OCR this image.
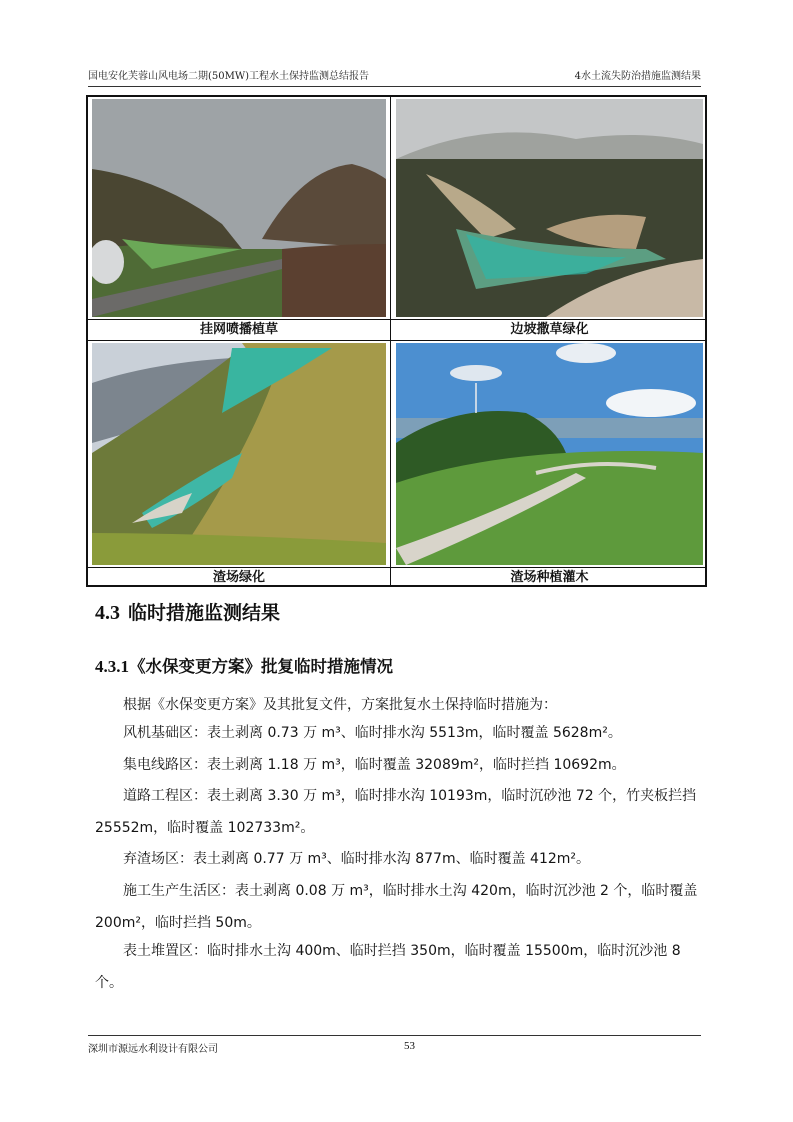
国电安化芙蓉山风电场二期(50MW)工程水土保持监测总结报告	4水土流失防治措施监测结果
挂网喷播植草	边坡撒草绿化
渣场绿化	渣场种植灌木
4.3 临时措施监测结果
4.3.1《水保变更方案》批复临时措施情况

根据《水保变更方案》及其批复文件，方案批复水土保持临时措施为：

风机基础区：表土剥离 0.73 万 m³、临时排水沟 5513m，临时覆盖 5628m²。

集电线路区：表土剥离 1.18 万 m³，临时覆盖 32089m²，临时拦挡 10692m。

道路工程区：表土剥离 3.30 万 m³，临时排水沟 10193m，临时沉砂池 72 个，竹夹板拦挡 25552m，临时覆盖 102733m²。

弃渣场区：表土剥离 0.77 万 m³、临时排水沟 877m、临时覆盖 412m²。

施工生产生活区：表土剥离 0.08 万 m³，临时排水土沟 420m，临时沉沙池 2 个，临时覆盖 200m²，临时拦挡 50m。

表土堆置区：临时排水土沟 400m、临时拦挡 350m，临时覆盖 15500m，临时沉沙池 8 个。

深圳市源远水利设计有限公司	53
